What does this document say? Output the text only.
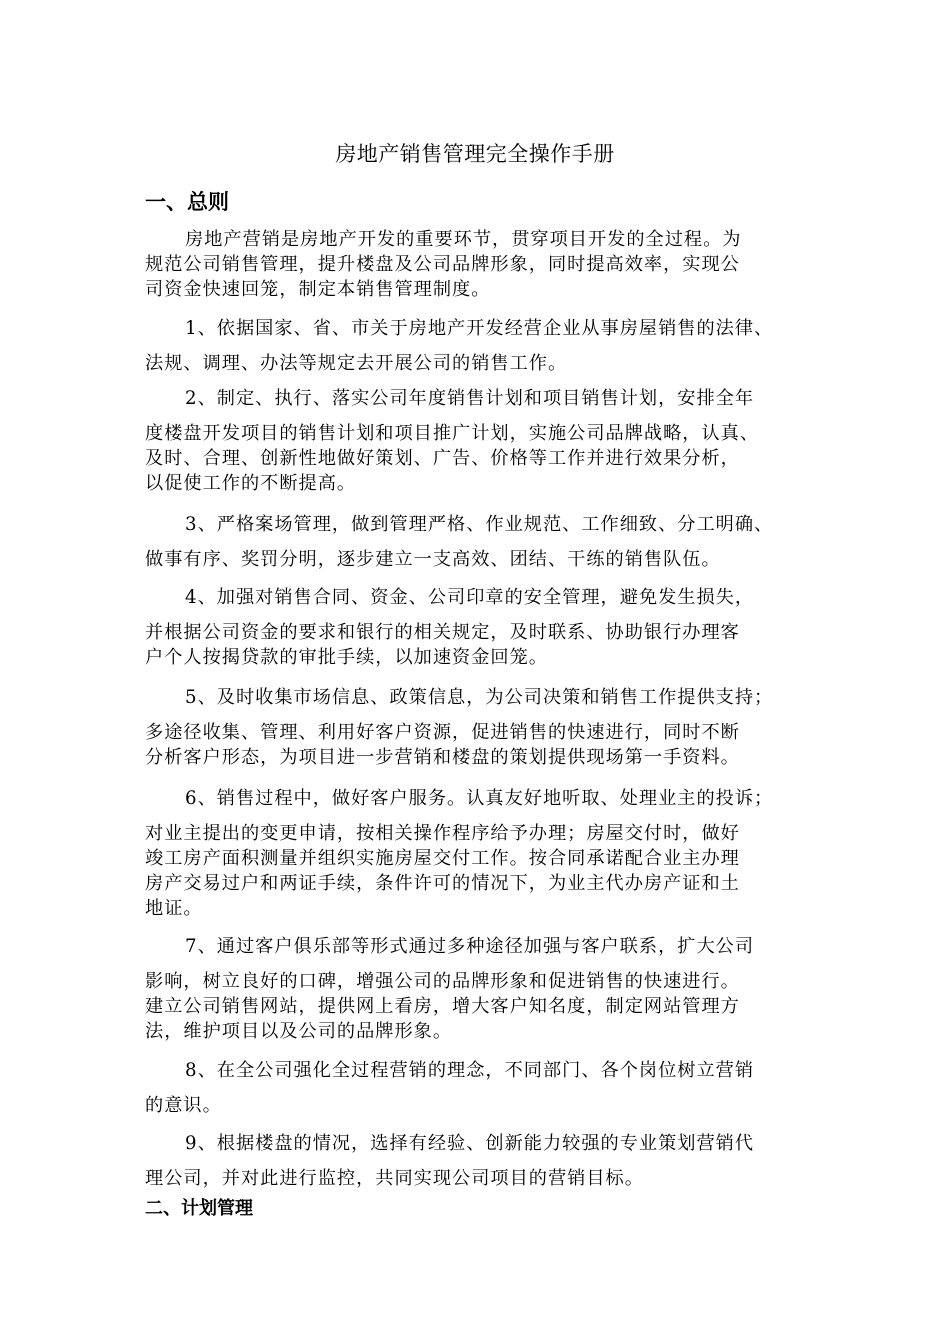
房地产销售管理完全操作手册
一、总则

房地产营销是房地产开发的重要环节，贯穿项目开发的全过程。为
规范公司销售管理，提升楼盘及公司品牌形象，同时提高效率，实现公
司资金快速回笼，制定本销售管理制度。

1、依据国家、省、市关于房地产开发经营企业从事房屋销售的法律、
法规、调理、办法等规定去开展公司的销售工作。

2、制定、执行、落实公司年度销售计划和项目销售计划，安排全年
度楼盘开发项目的销售计划和项目推广计划，实施公司品牌战略，认真、
及时、合理、创新性地做好策划、广告、价格等工作并进行效果分析，
以促使工作的不断提高。

3、严格案场管理，做到管理严格、作业规范、工作细致、分工明确、
做事有序、奖罚分明，逐步建立一支高效、团结、干练的销售队伍。

4、加强对销售合同、资金、公司印章的安全管理，避免发生损失，
并根据公司资金的要求和银行的相关规定，及时联系、协助银行办理客
户个人按揭贷款的审批手续，以加速资金回笼。

5、及时收集市场信息、政策信息，为公司决策和销售工作提供支持；
多途径收集、管理、利用好客户资源，促进销售的快速进行，同时不断
分析客户形态，为项目进一步营销和楼盘的策划提供现场第一手资料。

6、销售过程中，做好客户服务。认真友好地听取、处理业主的投诉；
对业主提出的变更申请，按相关操作程序给予办理；房屋交付时，做好
竣工房产面积测量并组织实施房屋交付工作。按合同承诺配合业主办理
房产交易过户和两证手续，条件许可的情况下，为业主代办房产证和土
地证。

7、通过客户俱乐部等形式通过多种途径加强与客户联系，扩大公司
影响，树立良好的口碑，增强公司的品牌形象和促进销售的快速进行。
建立公司销售网站，提供网上看房，增大客户知名度，制定网站管理方
法，维护项目以及公司的品牌形象。

8、在全公司强化全过程营销的理念，不同部门、各个岗位树立营销
的意识。

9、根据楼盘的情况，选择有经验、创新能力较强的专业策划营销代
理公司，并对此进行监控，共同实现公司项目的营销目标。

二、计划管理
